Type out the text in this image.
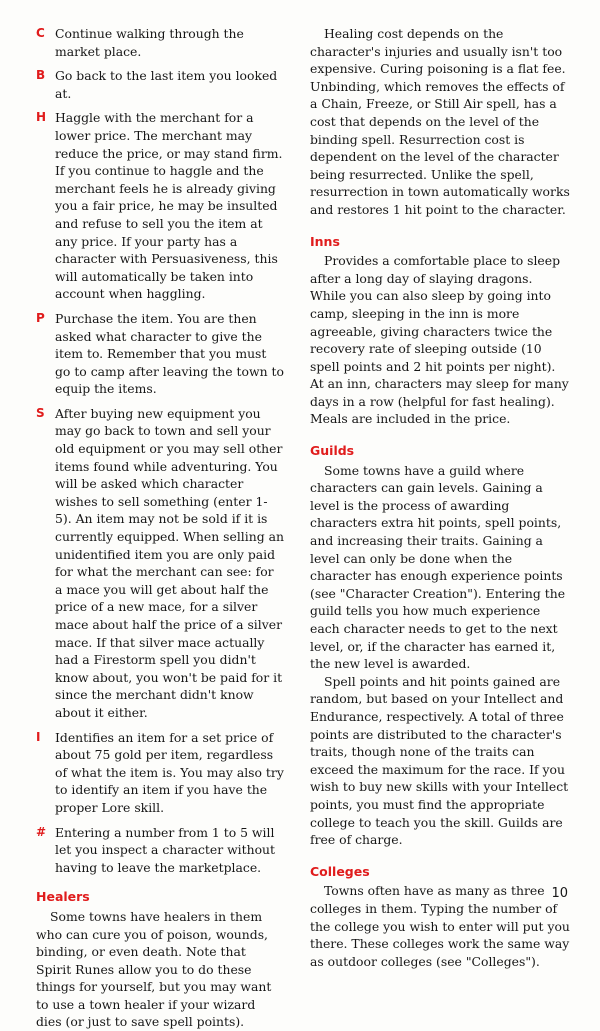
C Continue walking through the market place.

B Go back to the last item you looked at.

H Haggle with the merchant for a lower price. The merchant may reduce the price, or may stand firm. If you continue to haggle and the merchant feels he is already giving you a fair price, he may be insulted and refuse to sell you the item at any price. If your party has a character with Persuasiveness, this will automatically be taken into account when haggling.

P Purchase the item. You are then asked what character to give the item to. Remember that you must go to camp after leaving the town to equip the items.

S After buying new equipment you may go back to town and sell your old equipment or you may sell other items found while adventuring. You will be asked which character wishes to sell something (enter 1-5). An item may not be sold if it is currently equipped. When selling an unidentified item you are only paid for what the merchant can see: for a mace you will get about half the price of a new mace, for a silver mace about half the price of a silver mace. If that silver mace actually had a Firestorm spell you didn't know about, you won't be paid for it since the merchant didn't know about it either.

I	Identifies an item for a set price of about 75 gold per item, regardless of what the item is. You may also try to identify an item if you have the proper Lore skill.

# Entering a number from 1 to 5 will let you inspect a character without having to leave the marketplace.

Healers

Some towns have healers in them who can cure you of poison, wounds, binding, or even death. Note that Spirit Runes allow you to do these things for yourself, but you may want to use a town healer if your wizard dies (or just to save spell points).

Healing cost depends on the character's injuries and usually isn't too expensive. Curing poisoning is a flat fee. Unbinding, which removes the effects of a Chain, Freeze, or Still Air spell, has a cost that depends on the level of the binding spell. Resurrection cost is dependent on the level of the character being resurrected. Unlike the spell, resurrection in town automatically works and restores 1 hit point to the character.

Inns

Provides a comfortable place to sleep after a long day of slaying dragons. While you can also sleep by going into camp, sleeping in the inn is more agreeable, giving characters twice the recovery rate of sleeping outside (10 spell points and 2 hit points per night). At an inn, characters may sleep for many days in a row (helpful for fast healing). Meals are included in the price.

Guilds

Some towns have a guild where characters can gain levels. Gaining a level is the process of awarding characters extra hit points, spell points, and increasing their traits. Gaining a level can only be done when the character has enough experience points (see "Character Creation"). Entering the guild tells you how much experience each character needs to get to the next level, or, if the character has earned it, the new level is awarded.

Spell points and hit points gained are random, but based on your Intellect and Endurance, respectively. A total of three points are distributed to the character's traits, though none of the traits can exceed the maximum for the race. If you wish to buy new skills with your Intellect points, you must find the appropriate college to teach you the skill. Guilds are free of charge.

Colleges

Towns often have as many as three colleges in them. Typing the number of the college you wish to enter will put you there. These colleges work the same way as outdoor colleges (see "Colleges").

10
